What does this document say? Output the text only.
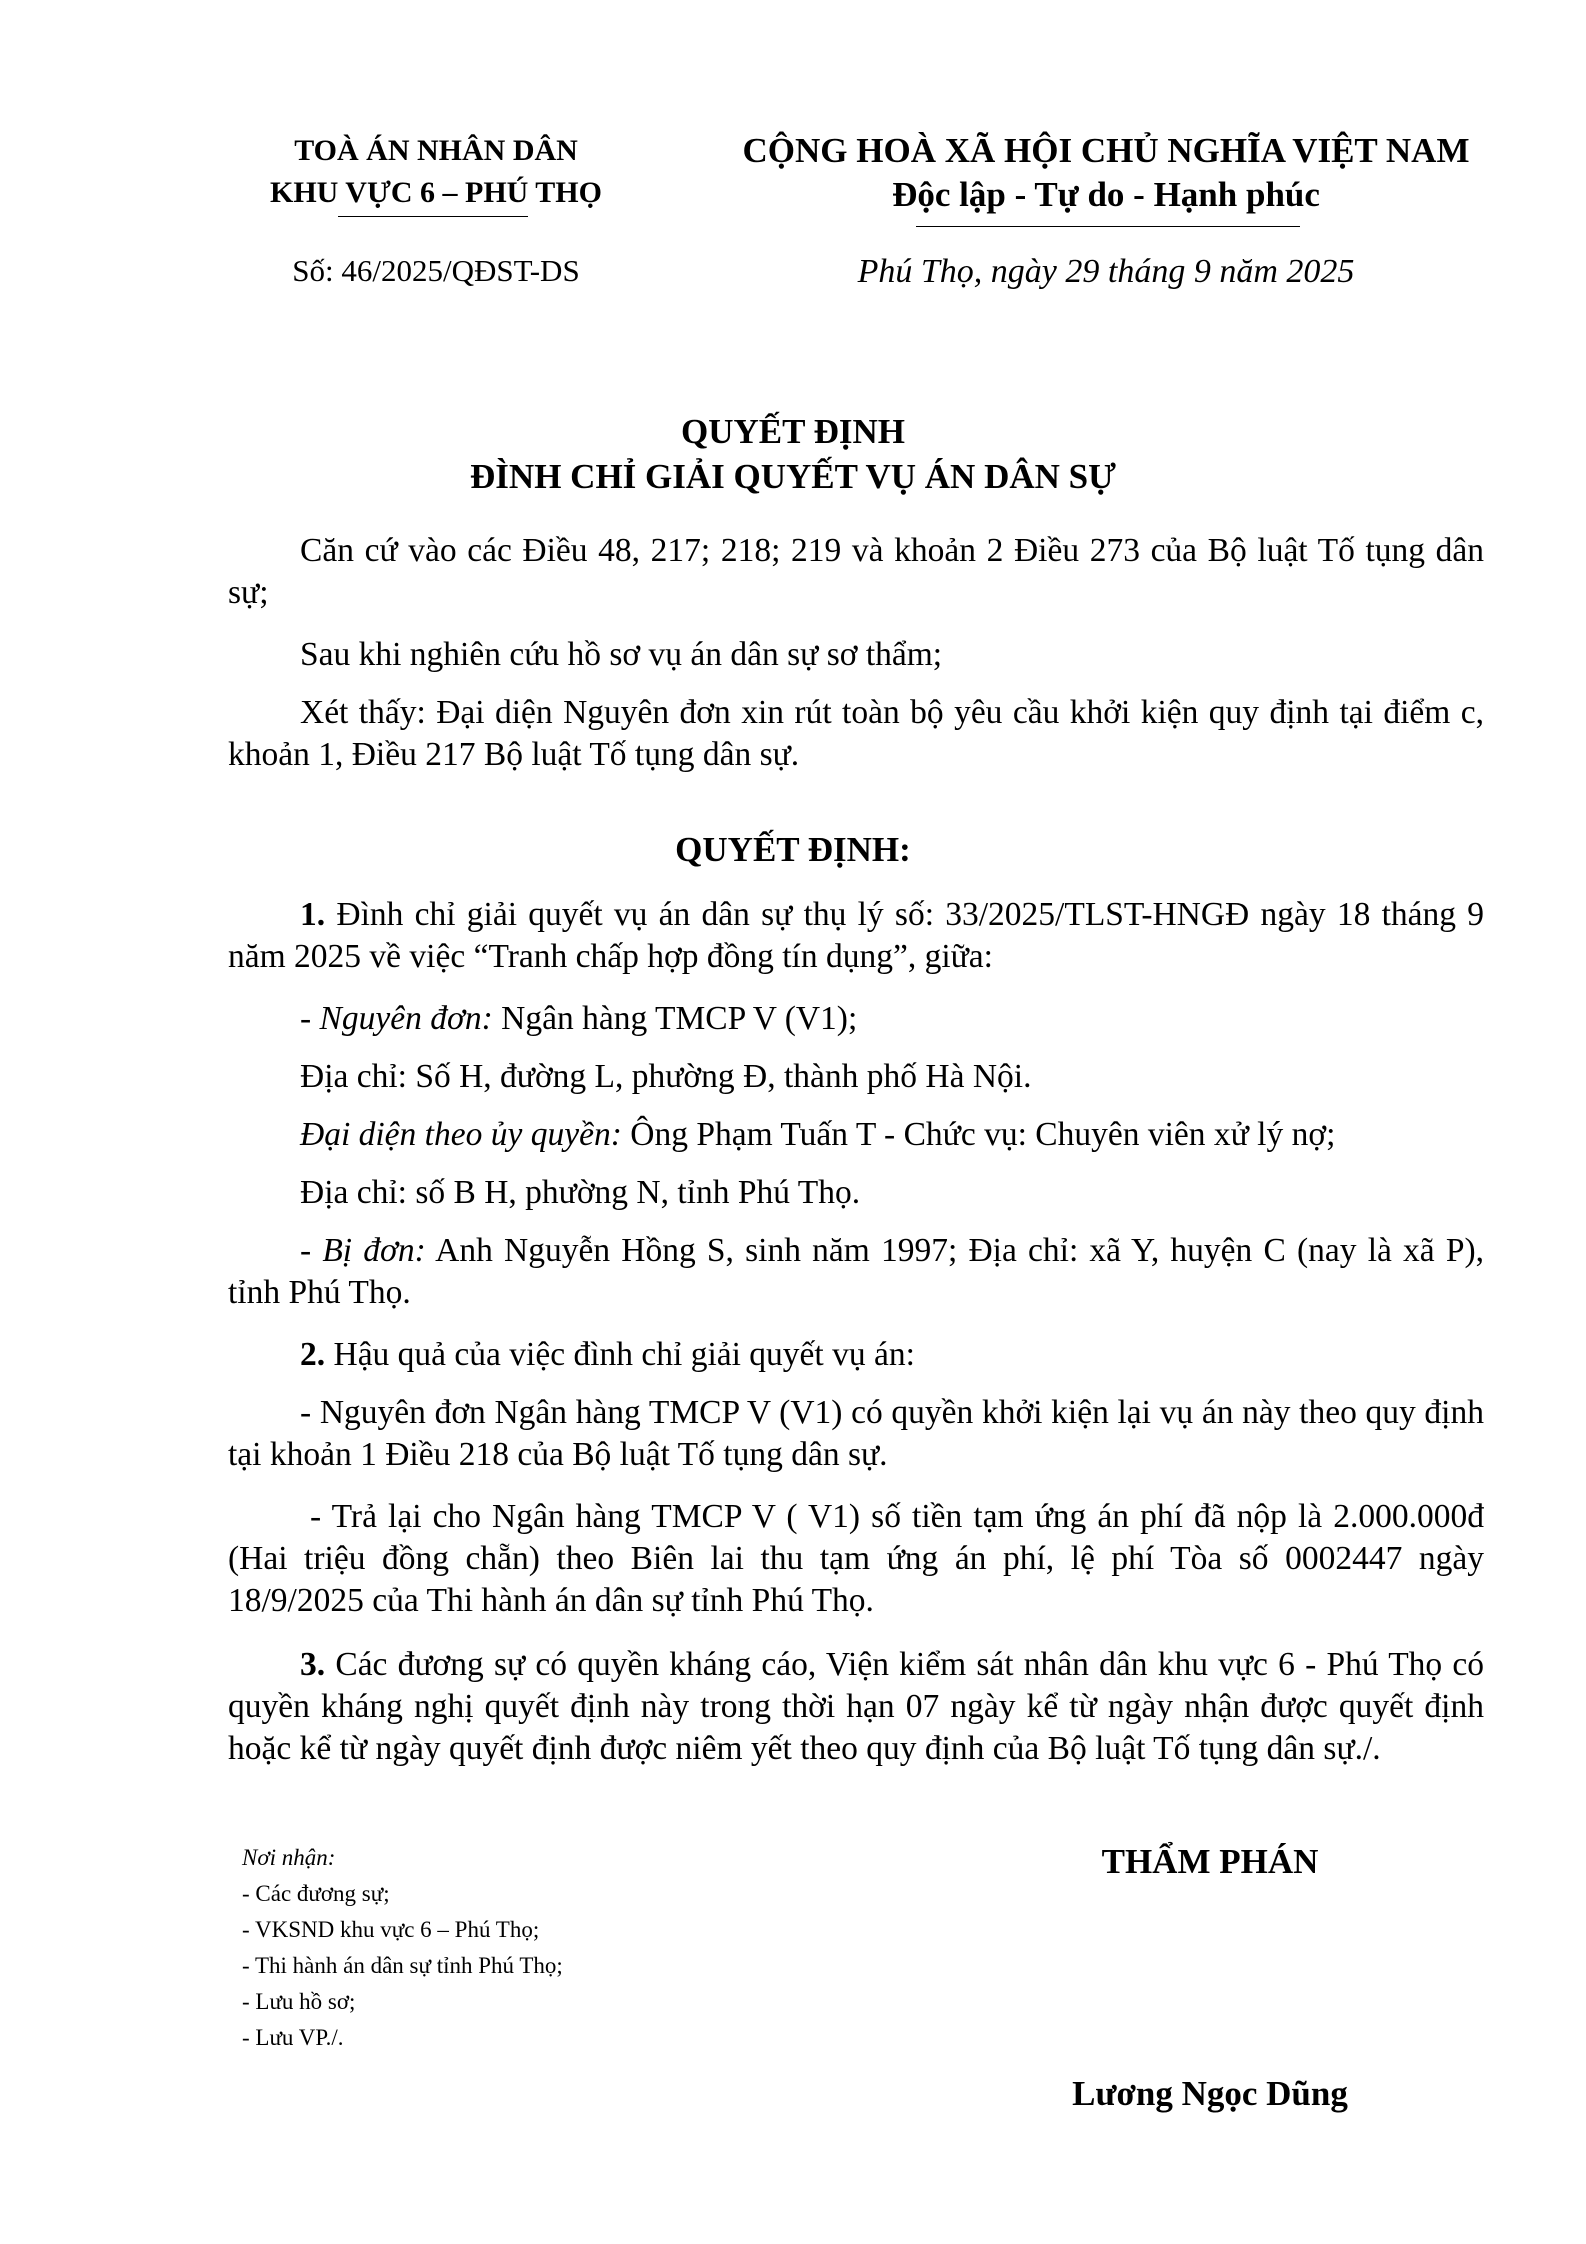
TOÀ ÁN NHÂN DÂN
KHU VỰC 6 – PHÚ THỌ
Số: 46/2025/QĐST-DS
CỘNG HOÀ XÃ HỘI CHỦ NGHĨA VIỆT NAM
Độc lập - Tự do - Hạnh phúc
Phú Thọ, ngày 29 tháng 9 năm 2025
QUYẾT ĐỊNH
ĐÌNH CHỈ GIẢI QUYẾT VỤ ÁN DÂN SỰ
Căn cứ vào các Điều 48, 217; 218; 219 và khoản 2 Điều 273 của Bộ luật Tố tụng dân sự;
Sau khi nghiên cứu hồ sơ vụ án dân sự sơ thẩm;
Xét thấy: Đại diện Nguyên đơn xin rút toàn bộ yêu cầu khởi kiện quy định tại điểm c, khoản 1, Điều 217 Bộ luật Tố tụng dân sự.
QUYẾT ĐỊNH:
1. Đình chỉ giải quyết vụ án dân sự thụ lý số: 33/2025/TLST-HNGĐ ngày 18 tháng 9 năm 2025 về việc “Tranh chấp hợp đồng tín dụng”, giữa:
- Nguyên đơn: Ngân hàng TMCP V (V1);
Địa chỉ: Số H, đường L, phường Đ, thành phố Hà Nội.
Đại diện theo ủy quyền: Ông Phạm Tuấn T - Chức vụ: Chuyên viên xử lý nợ;
Địa chỉ: số B H, phường N, tỉnh Phú Thọ.
- Bị đơn: Anh Nguyễn Hồng S, sinh năm 1997; Địa chỉ: xã Y, huyện C (nay là xã P), tỉnh Phú Thọ.
2. Hậu quả của việc đình chỉ giải quyết vụ án:
- Nguyên đơn Ngân hàng TMCP V (V1) có quyền khởi kiện lại vụ án này theo quy định tại khoản 1 Điều 218 của Bộ luật Tố tụng dân sự.
- Trả lại cho Ngân hàng TMCP V ( V1) số tiền tạm ứng án phí đã nộp là 2.000.000đ (Hai triệu đồng chẵn) theo Biên lai thu tạm ứng án phí, lệ phí Tòa số 0002447 ngày 18/9/2025 của Thi hành án dân sự tỉnh Phú Thọ.
3. Các đương sự có quyền kháng cáo, Viện kiểm sát nhân dân khu vực 6 - Phú Thọ có quyền kháng nghị quyết định này trong thời hạn 07 ngày kể từ ngày nhận được quyết định hoặc kể từ ngày quyết định được niêm yết theo quy định của Bộ luật Tố tụng dân sự./.
Nơi nhận:
- Các đương sự;
- VKSND khu vực 6 – Phú Thọ;
- Thi hành án dân sự tỉnh Phú Thọ;
- Lưu hồ sơ;
- Lưu VP./.
THẨM PHÁN
Lương Ngọc Dũng
